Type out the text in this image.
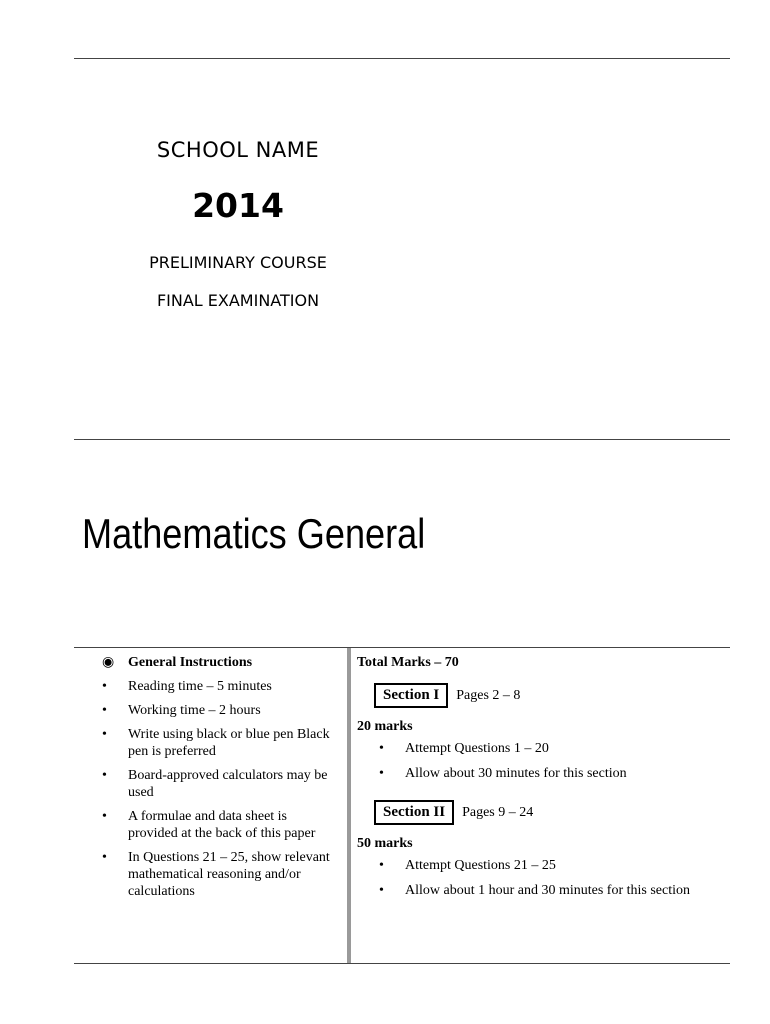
SCHOOL NAME
2014
PRELIMINARY COURSE
FINAL EXAMINATION
Mathematics General
◉ General Instructions
• Reading time – 5 minutes
• Working time – 2 hours
• Write using black or blue pen Black pen is preferred
• Board-approved calculators may be used
• A formulae and data sheet is provided at the back of this paper
• In Questions 21 – 25, show relevant mathematical reasoning and/or calculations
Total Marks – 70
Section I	Pages 2 – 8
20 marks
• Attempt Questions 1 – 20
• Allow about 30 minutes for this section
Section II	Pages 9 – 24
50 marks
• Attempt Questions 21 – 25
• Allow about 1 hour and 30 minutes for this section
